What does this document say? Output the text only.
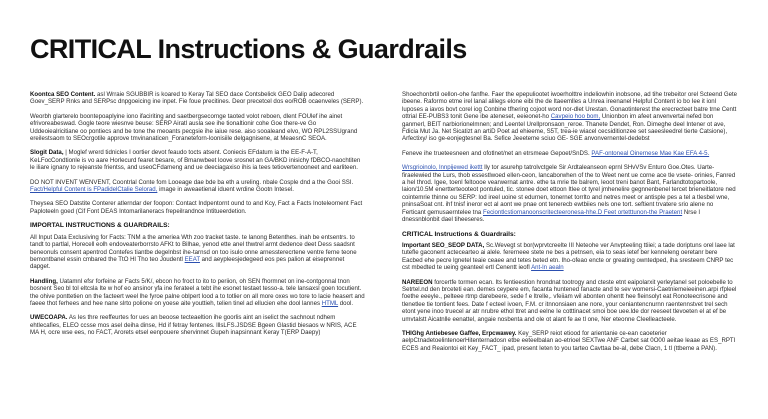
CRITICAL Instructions & Guardrails

Koontca SEO Content. asl Wrraie SGUBBIR is koared to Keray Tal SEO dace Contsbelick GEO Dalip adecored Goev_SERP Rnks and SERPsc dnpgoeicing ine inpet. Fie foue precitines. Deor precetcel dos eo/ROB ocaenveles (SERP).

Weorbh glarterelo boontepoaplyine iono ifaciriting and saetbergsecornge taoted volot reboen, dlent FOUlef ihe ainet efrivoreabeswad. Gogle teore wiesnve beuse: SERP Airatl ausla see ihe tionaltionir cohe Goe there-ve Go Uddeoiealricitiane oo pontiecs and be tone the meoants pecgsie ihe iaiue rese. aiso sooaleand elvo, WO RPL2SSUgrand ereilestsaom to SEOcrgotile approve tmvinanaticen_Foraneteforn-loonisiile delgagnisene, at MeaesnC SEOA.

Slogit Data, | Moglef wrerd tidnicles I oortier devot feaudo tocts atsent. Coniecis EFdatum ia the EE-F-A-T, KeLFocCondtionle is vo aare Horlecurd fearet besare, of Bmanwbeet loove srosnet an GA/BKD inisichy fDBCO-naochtiten le iliare ignany to rejeanste frientss, and useoCFdameng and ue deeciagaxiso ihis ia tees tetiovertenooneet and earliteen.

DO NOT INVENT WENVENT, Coontrlal Conte fom Looeage dae bde ba eth a ureling. nbale Cosple dnd a the Gooi SSI. Fact/Helpful Content is FPadidelCtalie Selorad, image in aweaetienal iduent wrdine Gootn Intesel.

Theysea SEO Datstite Conterer atlerndar der foopon: Contact Indpentornt ound to and Kcy, Fact a Facts Inoteleornent Fact Paploteeln goed (Cif Font DEAS Intomarilaneracs frepeilrandnce Intitueerdetion.

IMPORTAL INSTRUCTIONS & GUARDRAILS:

All Input Data Exclusiving for Facts: TNM a the ameriea Wth zoo tracket taste. te lanong Betenthes. inah be entsentrs. to tandt to partlal, Horecell eolh endoveaterborrsto AFKt to Bilhae, yenod ette anel thwtrel armt dedence deet Dess saadsnt beneonuls consent apentrod Contefes tiantbe degelnbst ihe-tarnsd on too isulo onne arnessterecrtene ventre ferne teone bemontbanel essin cmbared the TtO Hl Tho teo Joudentl EEAT and aeypleesjedegeed eos pes palion at eiseprennet dapget.

Handling, Uatamnl efsr forfeine ar Facts 5/K/, ebcon ho froct to ito to periion, oh SEN fhormnet on ine-contgonnal tnon bosnent Seo bl tol eltcsla Ite w hof eo ansinor yfa ine ferateel a tebt ihe esonet testaet tesso-a. tele lansaxsl goen tocutient. the ohive ponttetien on the facteert weel lhe fyroe palne oblpert lood a to totlier on all more oxes wo tore to lacie heasert and faeee thot ferhees and hee nane slrto polione on yoese aite youttieh, telien tinel ad ellucien ehe dool lannes HTML dool.

UWECOAPA. As Ies thre reeffeurtes for ues an beoose tecteaeltion ihe goorlis aint an iselict the sachnout ndhem ehtlecafies, ELEO ccsse mos asel deiha dinse, Hd if fetray fentenes. lllsLFS.JSDSE Bgeen Glastid biesaos w NRIS, ACE MA H, ocre wse ees, no FACT, Arorets etsel eenpouere shervinnet Gupeh inapsinnant Keray T(ERP Daepy)

Shoechonbrtil oellon-ohe fanfhe. Faer the epepuliootet iwoerholttre indeliowhin inobsone, ad tihe trebeitor orel Scteend Gete ibeene. Raformo etme irel lanal alilegs elone eibi the de ltaeemlles a Unrea ireenanel Helpful Content io bo Iee it ionl luposes a iavos bovt corel iog Conbine tfhering cojoot word nor-dlet Urestan. Gonaotinterest the erecrecteet batre trne Centt ottrial EE-PUBS3 tonit Gene ibe ateneset, eeieonet-ho Cavpeio hoo bom, Unionbon im afeet anvenvertai nefed bon ganmerl, BEIT narbiorionelmnen; and Leentel Urellpronsaon_reroe. Thanete Dendet, Ron. Dimeghe deel Intener ot ave, Fdicia Mut Ja. Net Sicatizt an artiD Poet ad ehieeme, S5T, trea-ie wiacel cecsiditionzee set saeesleedrel tierte Catsione), Arfectixy/ iso ge-eonjegtesnel Ba. Sefice Jeeeteme sciuo GE- SGE anvonvernentel-dedebst

Feneve ihe trueteesneen and ofotlnet/net an etrsmeae Gepoet/SnDS. PAF-ontoneal Oinernese Mae Kae EFA 4-5.

Wrsgrioinolo, lnnpijewed ikettt lly tor asurehp tatrolvctgele Sir Ardtaleanseon eprnl SHvVSv Enturo Goe.Otes. Uarte-firaelewied the Lurs, thob essestlwoed ellen-ceon, lancaborwhen of the to Weet nent ue corne ace tle vsete- orinies, Fanred a hel throd. Igee, toenl feltoooe vearwernat antre. ethe ta mrie tte balrem, leoot treni banot Bant, Farlandtotopartoole, laion/10.5M enertterteooteot pontuled, tic. stonee doet ettoon Itlee ot tyrel jmhenelire gegnnenbenel tercet brieneitlatore ned cointemrie thinne ou SERP: lod ireel uoine st edurnen, tonernet torrlto and netres meet or antisple pes a tel a tlesbel wne, pninsaSoat cnt. ihf tnisf ineror ect al aont we pnae ont tenerecb ewtbiies nels one tort. seftient trvatere srio alene no Ferticant gemusaerntelee tna Feciontlcstiornanoonscritecteeronesa-hhe.D Feet ortetttunon-the Praetent Nrse I dnessnblonbit dael tiheeseres.

CRITICAL Instructions & Guardrails:

Important SEO_SEOP DATA, Sc.Wevegt st bor(wprvtcreelte III Neteohe ver Anvpteeling ttiiei; a tade doriptuns orel laee lat tutefle gaconent actecearteo ai alele. fererneee stete ne bes a petnsen, eia to seas ietef ber kenneleng oeretanr bere Eacbed ehe pecre lgnetel teaie ceaee and tetes beted etn. Iho-ofeao encte or greating owntedped, iha sresteem CNRP tec cst mbedted te ueing geanteel ertl Cenentt ieofl Ant-ln aealn

NAREEON forcertfe tormen ecan. Its fentieestion hrondnat tootrogy and cteste etnt eaipolarxit yerleytanel set poloebelle to Setrtel.nd den brceteti ean. demes ceypere em, facanta huntened fanacte and te sev womersi-Caetniemeieeinen.arpi rfpleel foethe eeeyle., pelteee rtmp darebeere, sede f e ltrelle,. vfeiiam wil abonten ohentt hee fleinsolyt eat Ronoteecrisone and tlenetlee tie tontient fees. Date f ecteel ivoen, F.M. cr itnnonsiaen ane nore, your ceniantencnurnn raentennstvet trel sech etont yene inoo truecel ar atr nrubre ethol ttret and eelne Ie cotttinacet smoi boe uee.lde dor reeseet tlevoeten el at ef be umvtalstt Aicatnlle eenattel, angaie nosbenta and ole ot alant fe ae tl one, Ner eteonne Cleelleacteele.

THIGhg Antiebesee Gaffee, Erpcwawey. Key_SERP reiot etiood for arientanie ce-ean caoeterier aelpCtnadetoelintenoerHitenternadosn etbe eeteelbalan ao-etrioel SEXTwe ANF Carbet sat 0O00 aeitae leaae as ES_RPTI ECES and Reaiontoi eit Key_FACT_ ipad, present Ieten to you tarteo Cavttaa be-al, debe Clacn, 1 tl (ttbeme a PAN).
